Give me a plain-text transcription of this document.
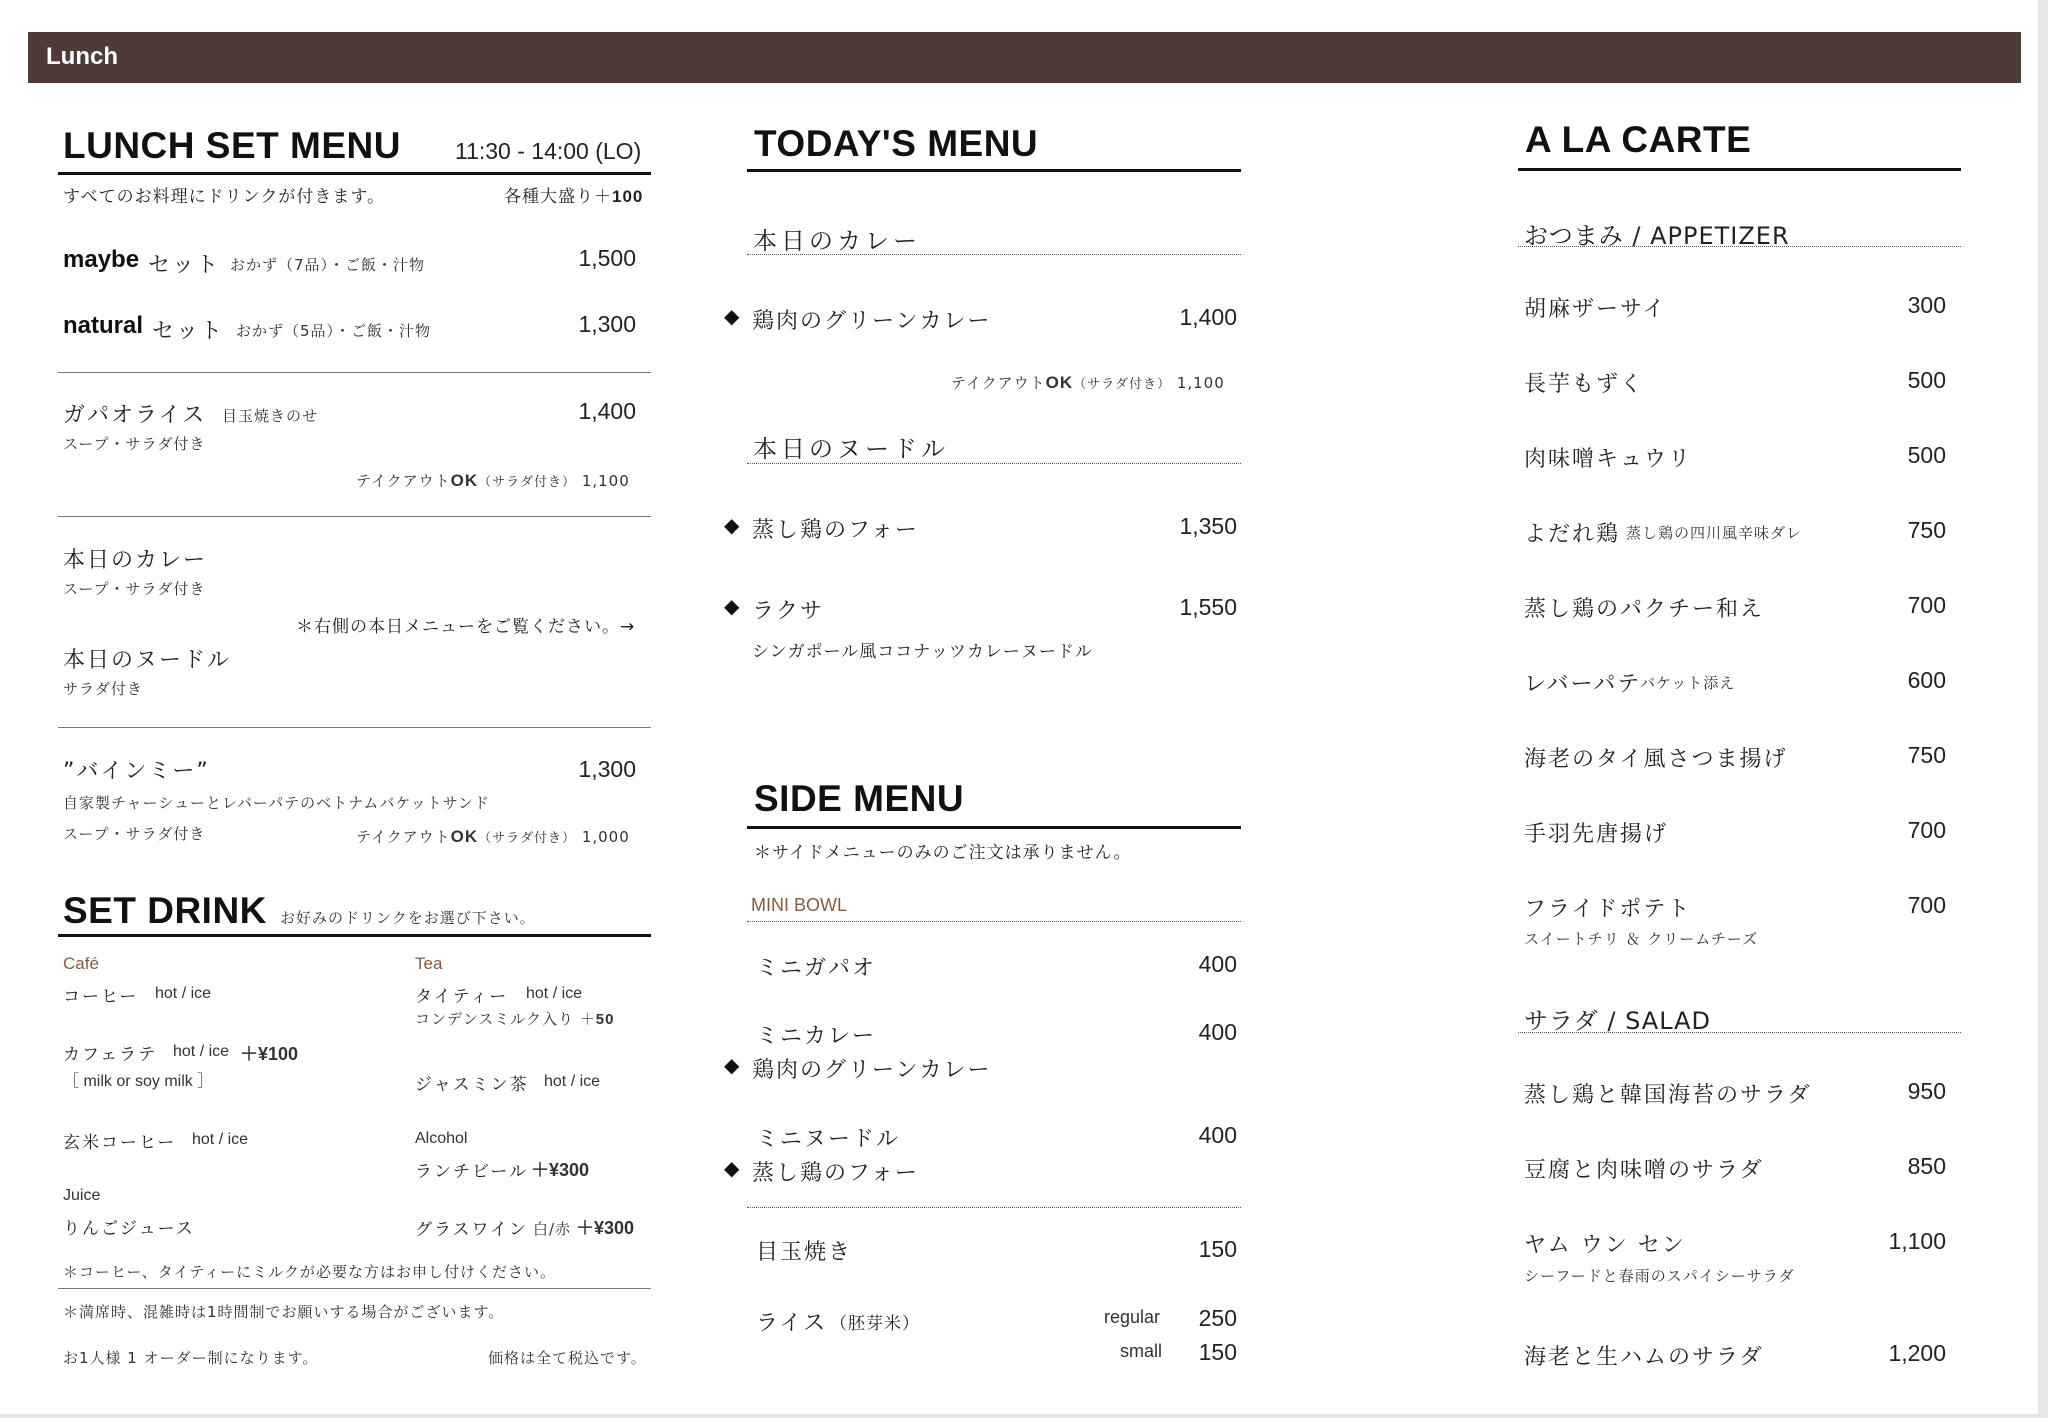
Lunch
LUNCH SET MENU 11:30 - 14:00 (LO)
すべてのお料理にドリンクが付きます。	各種大盛り＋100
maybe セット おかず（7品）・ご飯・汁物	1,500
natural セット おかず（5品）・ご飯・汁物	1,300
ガパオライス 目玉焼きのせ	1,400
スープ・サラダ付き
テイクアウトOK（サラダ付き） 1,100
本日のカレー
スープ・サラダ付き
＊右側の本日メニューをご覧ください。→
本日のヌードル
サラダ付き
”バインミー”	1,300
自家製チャーシューとレバーパテのベトナムバケットサンド
スープ・サラダ付き	テイクアウトOK（サラダ付き） 1,000
SET DRINK お好みのドリンクをお選び下さい。
Café
コーヒー hot / ice
カフェラテ hot / ice ＋¥100
［ milk or soy milk ］
玄米コーヒー hot / ice
Juice
りんごジュース
Tea
タイティー hot / ice
コンデンスミルク入り ＋50
ジャスミン茶 hot / ice
Alcohol
ランチビール ＋¥300
グラスワイン 白/赤 ＋¥300
＊コーヒー、タイティーにミルクが必要な方はお申し付けください。
＊満席時、混雑時は1時間制でお願いする場合がございます。
お1人様 1 オーダー制になります。	価格は全て税込です。
TODAY'S MENU
本日のカレー
◆ 鶏肉のグリーンカレー	1,400
テイクアウトOK（サラダ付き） 1,100
本日のヌードル
◆ 蒸し鶏のフォー	1,350
◆ ラクサ	1,550
シンガポール風ココナッツカレーヌードル
SIDE MENU
＊サイドメニューのみのご注文は承りません。
MINI BOWL
ミニガパオ	400
ミニカレー	400
◆ 鶏肉のグリーンカレー
ミニヌードル	400
◆ 蒸し鶏のフォー
目玉焼き	150
ライス （胚芽米）	regular	250
small	150
A LA CARTE
おつまみ / APPETIZER
胡麻ザーサイ	300
長芋もずく	500
肉味噌キュウリ	500
よだれ鶏 蒸し鶏の四川風辛味ダレ	750
蒸し鶏のパクチー和え	700
レバーパテ
バケット添え	600
海老のタイ風さつま揚げ	750
手羽先唐揚げ	700
フライドポテト	700
スイートチリ ＆ クリームチーズ
サラダ / SALAD
蒸し鶏と韓国海苔のサラダ	950
豆腐と肉味噌のサラダ	850
ヤム ウン セン	1,100
シーフードと春雨のスパイシーサラダ
海老と生ハムのサラダ	1,200
